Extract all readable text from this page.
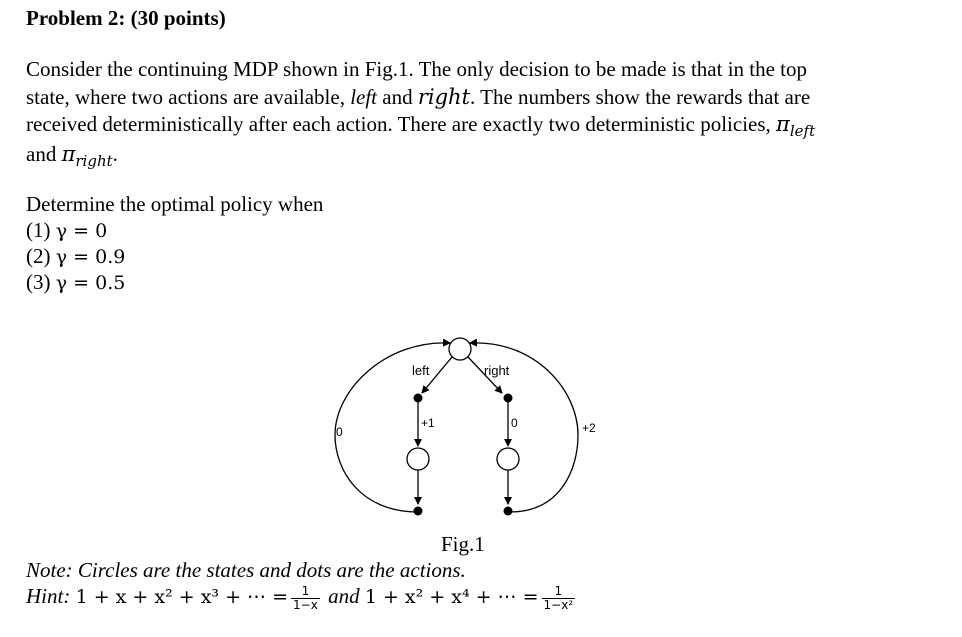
Problem 2: (30 points)
Consider the continuing MDP shown in Fig.1. The only decision to be made is that in the top
state, where two actions are available, left and right. The numbers show the rewards that are
received deterministically after each action. There are exactly two deterministic policies, $\pi_{left}$
and $\pi_{right}$.
Determine the optimal policy when
(1) γ = 0
(2) γ = 0.9
(3) γ = 0.5
left	right
+1	0
0	+2
Fig.1
Note: Circles are the states and dots are the actions.
Hint: 1 + x + x² + x³ + ⋯ = $\frac{1}{1-x}$ and 1 + x² + x⁴ + ⋯ = $\frac{1}{\text{1−x²}}$
